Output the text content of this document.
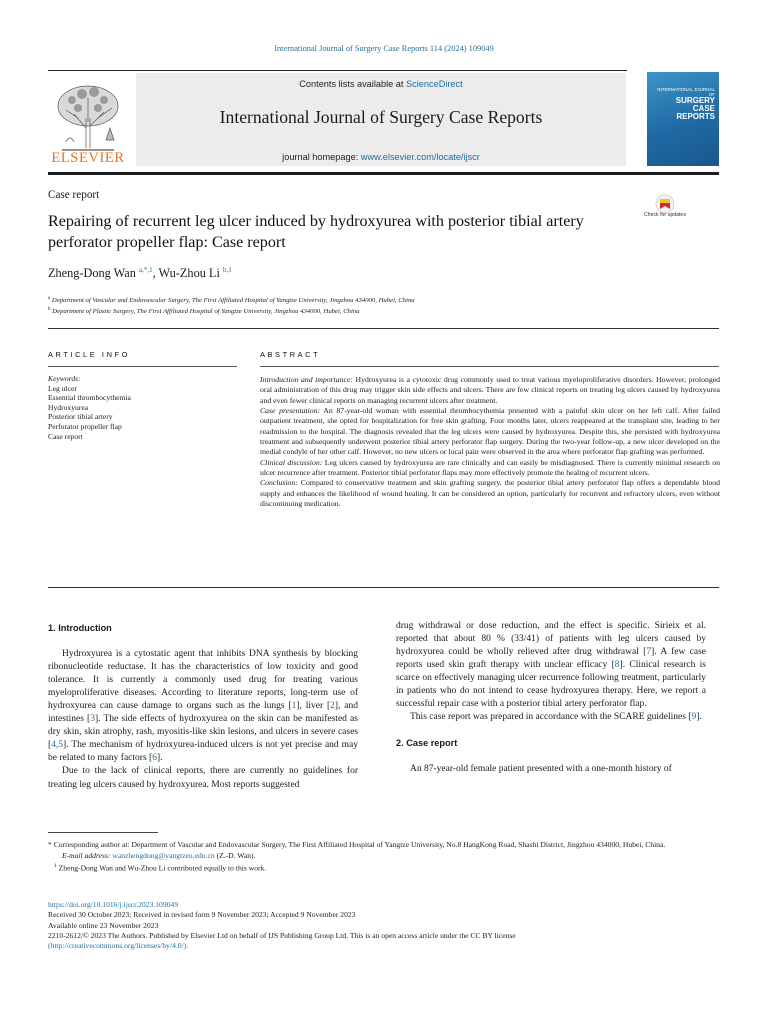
International Journal of Surgery Case Reports 114 (2024) 109049
ELSEVIER
Contents lists available at ScienceDirect
International Journal of Surgery Case Reports
journal homepage: www.elsevier.com/locate/ijscr
INTERNATIONAL JOURNAL OF
SURGERY
CASE
REPORTS
Case report
Repairing of recurrent leg ulcer induced by hydroxyurea with posterior tibial artery perforator propeller flap: Case report
Check for updates
Zheng-Dong Wan $^{a,*,1}$, Wu-Zhou Li $^{b,1}$
$^a$ Department of Vascular and Endovascular Surgery, The First Affiliated Hospital of Yangtze University, Jingzhou 434000, Hubei, China
$^b$ Department of Plastic Surgery, The First Affiliated Hospital of Yangtze University, Jingzhou 434000, Hubei, China
ARTICLE INFO	ABSTRACT
Keywords:
Leg ulcer
Essential thrombocythemia
Hydroxyurea
Posterior tibial artery
Perforator propeller flap
Case report

Introduction and importance: Hydroxyurea is a cytotoxic drug commonly used to treat various myeloproliferative disorders. However, prolonged oral administration of this drug may trigger skin side effects and ulcers. There are few clinical reports on treating leg ulcers caused by hydroxyurea and even fewer clinical reports on managing recurrent ulcers after treatment.

Case presentation: An 87-year-old woman with essential thrombocythemia presented with a painful skin ulcer on her left calf. After failed outpatient treatment, she opted for hospitalization for free skin grafting. Four months later, ulcers reappeared at the transplant site, leading to her readmission to the hospital. The diagnosis revealed that the leg ulcers were caused by hydroxyurea. Despite this, she persisted with hydroxyurea treatment and subsequently underwent posterior tibial artery perforator flap surgery. During the two-year follow-up, a new ulcer developed on the medial condyle of her other calf. However, no new ulcers or local pain were observed in the area where perforator flap grafting was performed.

Clinical discussion: Leg ulcers caused by hydroxyurea are rare clinically and can easily be misdiagnosed. There is currently minimal research on ulcer recurrence after treatment. Posterior tibial perforator flaps may more effectively promote the healing of recurrent ulcers.

Conclusion: Compared to conservative treatment and skin grafting surgery, the posterior tibial artery perforator flap offers a dependable blood supply and enhances the likelihood of wound healing. It can be considered an option, particularly for recurrent and refractory ulcers, even without discontinuing medication.

1. Introduction

Hydroxyurea is a cytostatic agent that inhibits DNA synthesis by blocking ribonucleotide reductase. It has the characteristics of low toxicity and good tolerance. It is currently a commonly used drug for treating various myeloproliferative diseases. According to literature reports, long-term use of hydroxyurea can cause damage to organs such as the lungs [1], liver [2], and intestines [3]. The side effects of hydroxyurea on the skin can be manifested as dry skin, skin atrophy, rash, myositis-like skin lesions, and ulcers in severe cases [4,5]. The mechanism of hydroxyurea-induced ulcers is not yet precise and may be related to many factors [6].

Due to the lack of clinical reports, there are currently no guidelines for treating leg ulcers caused by hydroxyurea. Most reports suggested

drug withdrawal or dose reduction, and the effect is specific. Sirieix et al. reported that about 80 % (33/41) of patients with leg ulcers caused by hydroxyurea could be wholly relieved after drug withdrawal [7]. A few case reports used skin graft therapy with unclear efficacy [8]. Clinical research is scarce on effectively managing ulcer recurrence following treatment, particularly in patients who do not intend to cease hydroxyurea therapy. Here, we report a successful repair case with a posterior tibial artery perforator flap.

This case report was prepared in accordance with the SCARE guidelines [9].

2. Case report

An 87-year-old female patient presented with a one-month history of

* Corresponding author at: Department of Vascular and Endovascular Surgery, The First Affiliated Hospital of Yangtze University, No.8 HangKong Road, Shashi District, Jingzhou 434000, Hubei, China.

E-mail address: wanzhengdong@yangtzeu.edu.cn (Z.-D. Wan).

$^1$ Zheng-Dong Wan and Wu-Zhou Li contributed equally to this work.

https://doi.org/10.1016/j.ijscr.2023.109049

Received 30 October 2023; Received in revised form 9 November 2023; Accepted 9 November 2023

Available online 23 November 2023

2210-2612/© 2023 The Authors. Published by Elsevier Ltd on behalf of IJS Publishing Group Ltd. This is an open access article under the CC BY license

(http://creativecommons.org/licenses/by/4.0/).
